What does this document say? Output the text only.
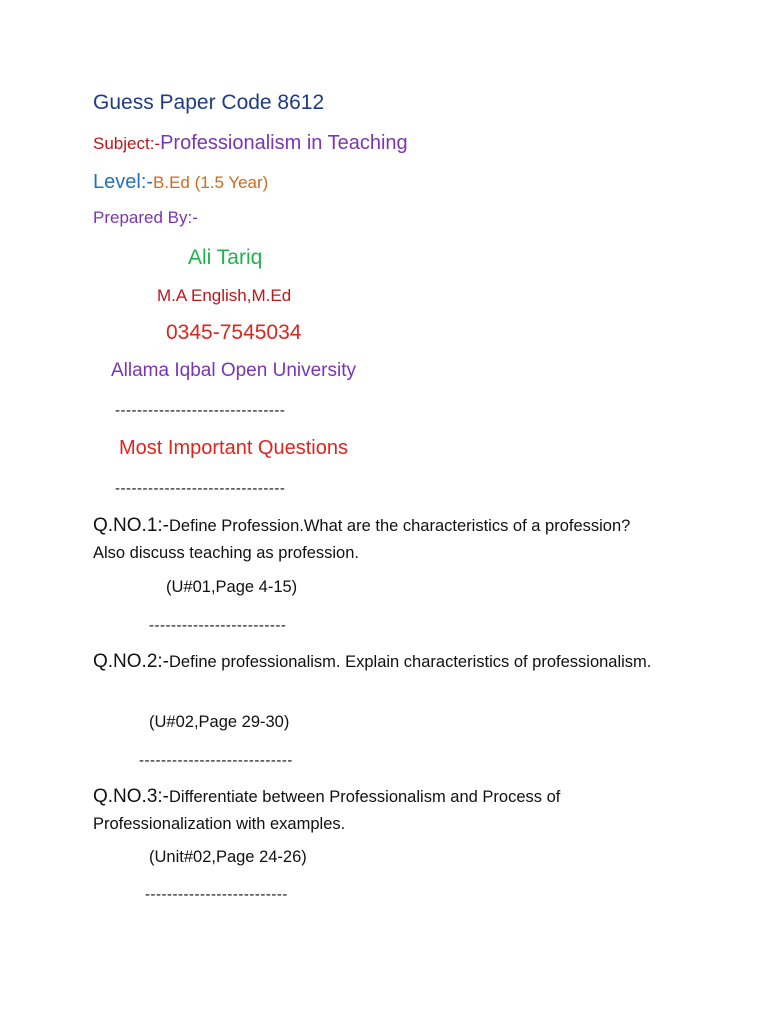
Guess Paper Code 8612
Subject:-Professionalism in Teaching
Level:-B.Ed (1.5 Year)
Prepared By:-
Ali Tariq
M.A English,M.Ed
0345-7545034
Allama Iqbal Open University
-------------------------------
Most Important Questions
-------------------------------
Q.NO.1:-Define Profession.What are the characteristics of a profession? Also discuss teaching as profession.
(U#01,Page 4-15)
-------------------------
Q.NO.2:-Define professionalism. Explain characteristics of professionalism.
(U#02,Page 29-30)
----------------------------
Q.NO.3:-Differentiate between Professionalism and Process of Professionalization with examples.
(Unit#02,Page 24-26)
--------------------------
